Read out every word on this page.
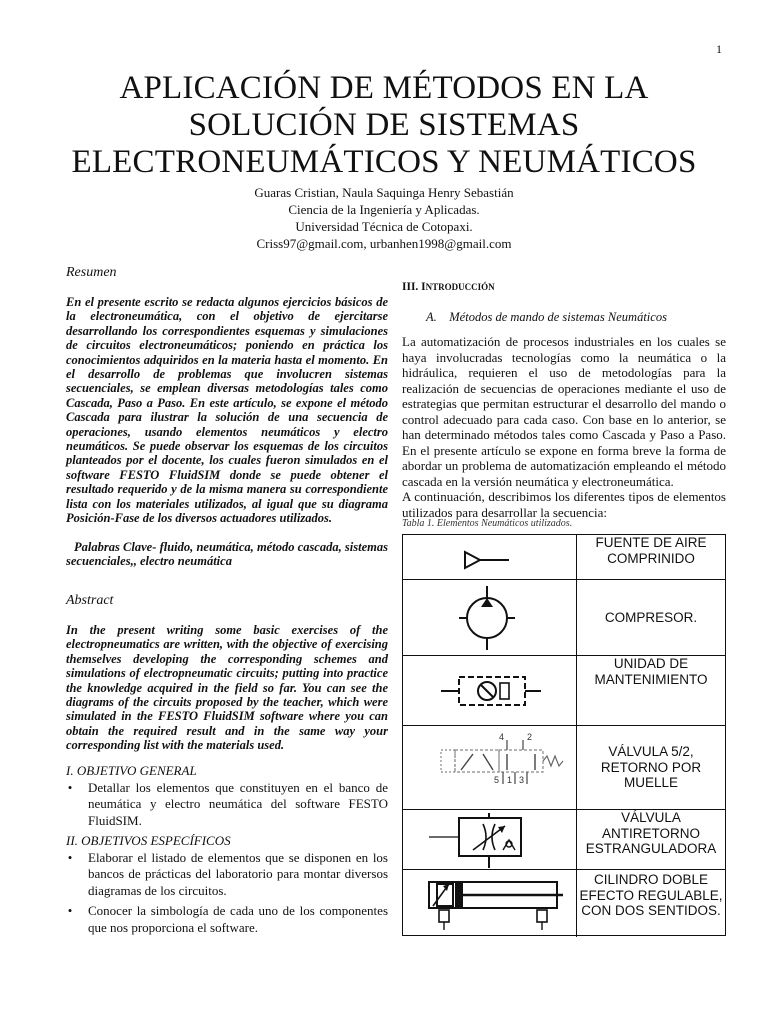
1
APLICACIÓN DE MÉTODOS EN LA
SOLUCIÓN DE SISTEMAS
ELECTRONEUMÁTICOS Y NEUMÁTICOS
Guaras Cristian, Naula Saquinga Henry Sebastián
Ciencia de la Ingeniería y Aplicadas.
Universidad Técnica de Cotopaxi.
Criss97@gmail.com, urbanhen1998@gmail.com
Resumen
En el presente escrito se redacta algunos ejercicios básicos de la electroneumática, con el objetivo de ejercitarse desarrollando los correspondientes esquemas y simulaciones de circuitos electroneumáticos; poniendo en práctica los conocimientos adquiridos en la materia hasta el momento. En el desarrollo de problemas que involucren sistemas secuenciales, se emplean diversas metodologías tales como Cascada, Paso a Paso. En este artículo, se expone el método Cascada para ilustrar la solución de una secuencia de operaciones, usando elementos neumáticos y electro neumáticos. Se puede observar los esquemas de los circuitos planteados por el docente, los cuales fueron simulados en el software FESTO FluidSIM donde se puede obtener el resultado requerido y de la misma manera su correspondiente lista con los materiales utilizados, al igual que su diagrama Posición-Fase de los diversos actuadores utilizados.
Palabras Clave- fluido, neumática, método cascada, sistemas secuenciales,, electro neumática
Abstract
In the present writing some basic exercises of the electropneumatics are written, with the objective of exercising themselves developing the corresponding schemes and simulations of electropneumatic circuits; putting into practice the knowledge acquired in the field so far. You can see the diagrams of the circuits proposed by the teacher, which were simulated in the FESTO FluidSIM software where you can obtain the required result and in the same way your corresponding list with the materials used.
I. OBJETIVO GENERAL
• Detallar los elementos que constituyen en el banco de neumática y electro neumática del software FESTO FluidSIM.
II. OBJETIVOS ESPECÍFICOS
• Elaborar el listado de elementos que se disponen en los bancos de prácticas del laboratorio para montar diversos diagramas de los circuitos.
• Conocer la simbología de cada uno de los componentes que nos proporciona el software.
III. INTRODUCCIÓN
A. Métodos de mando de sistemas Neumáticos
La automatización de procesos industriales en los cuales se haya involucradas tecnologías como la neumática o la hidráulica, requieren el uso de metodologías para la realización de secuencias de operaciones mediante el uso de estrategias que permitan estructurar el desarrollo del mando o control adecuado para cada caso. Con base en lo anterior, se han determinado métodos tales como Cascada y Paso a Paso. En el presente artículo se expone en forma breve la forma de abordar un problema de automatización empleando el método cascada en la versión neumática y electroneumática.
A continuación, describimos los diferentes tipos de elementos utilizados para desarrollar la secuencia:
Tabla 1. Elementos Neumáticos utilizados.
FUENTE DE AIRE COMPRINIDO
COMPRESOR.
UNIDAD DE MANTENIMIENTO
4	2
5 1 3
VÁLVULA 5/2, RETORNO POR MUELLE
VÁLVULA ANTIRETORNO ESTRANGULADORA
CILINDRO DOBLE EFECTO REGULABLE, CON DOS SENTIDOS.
